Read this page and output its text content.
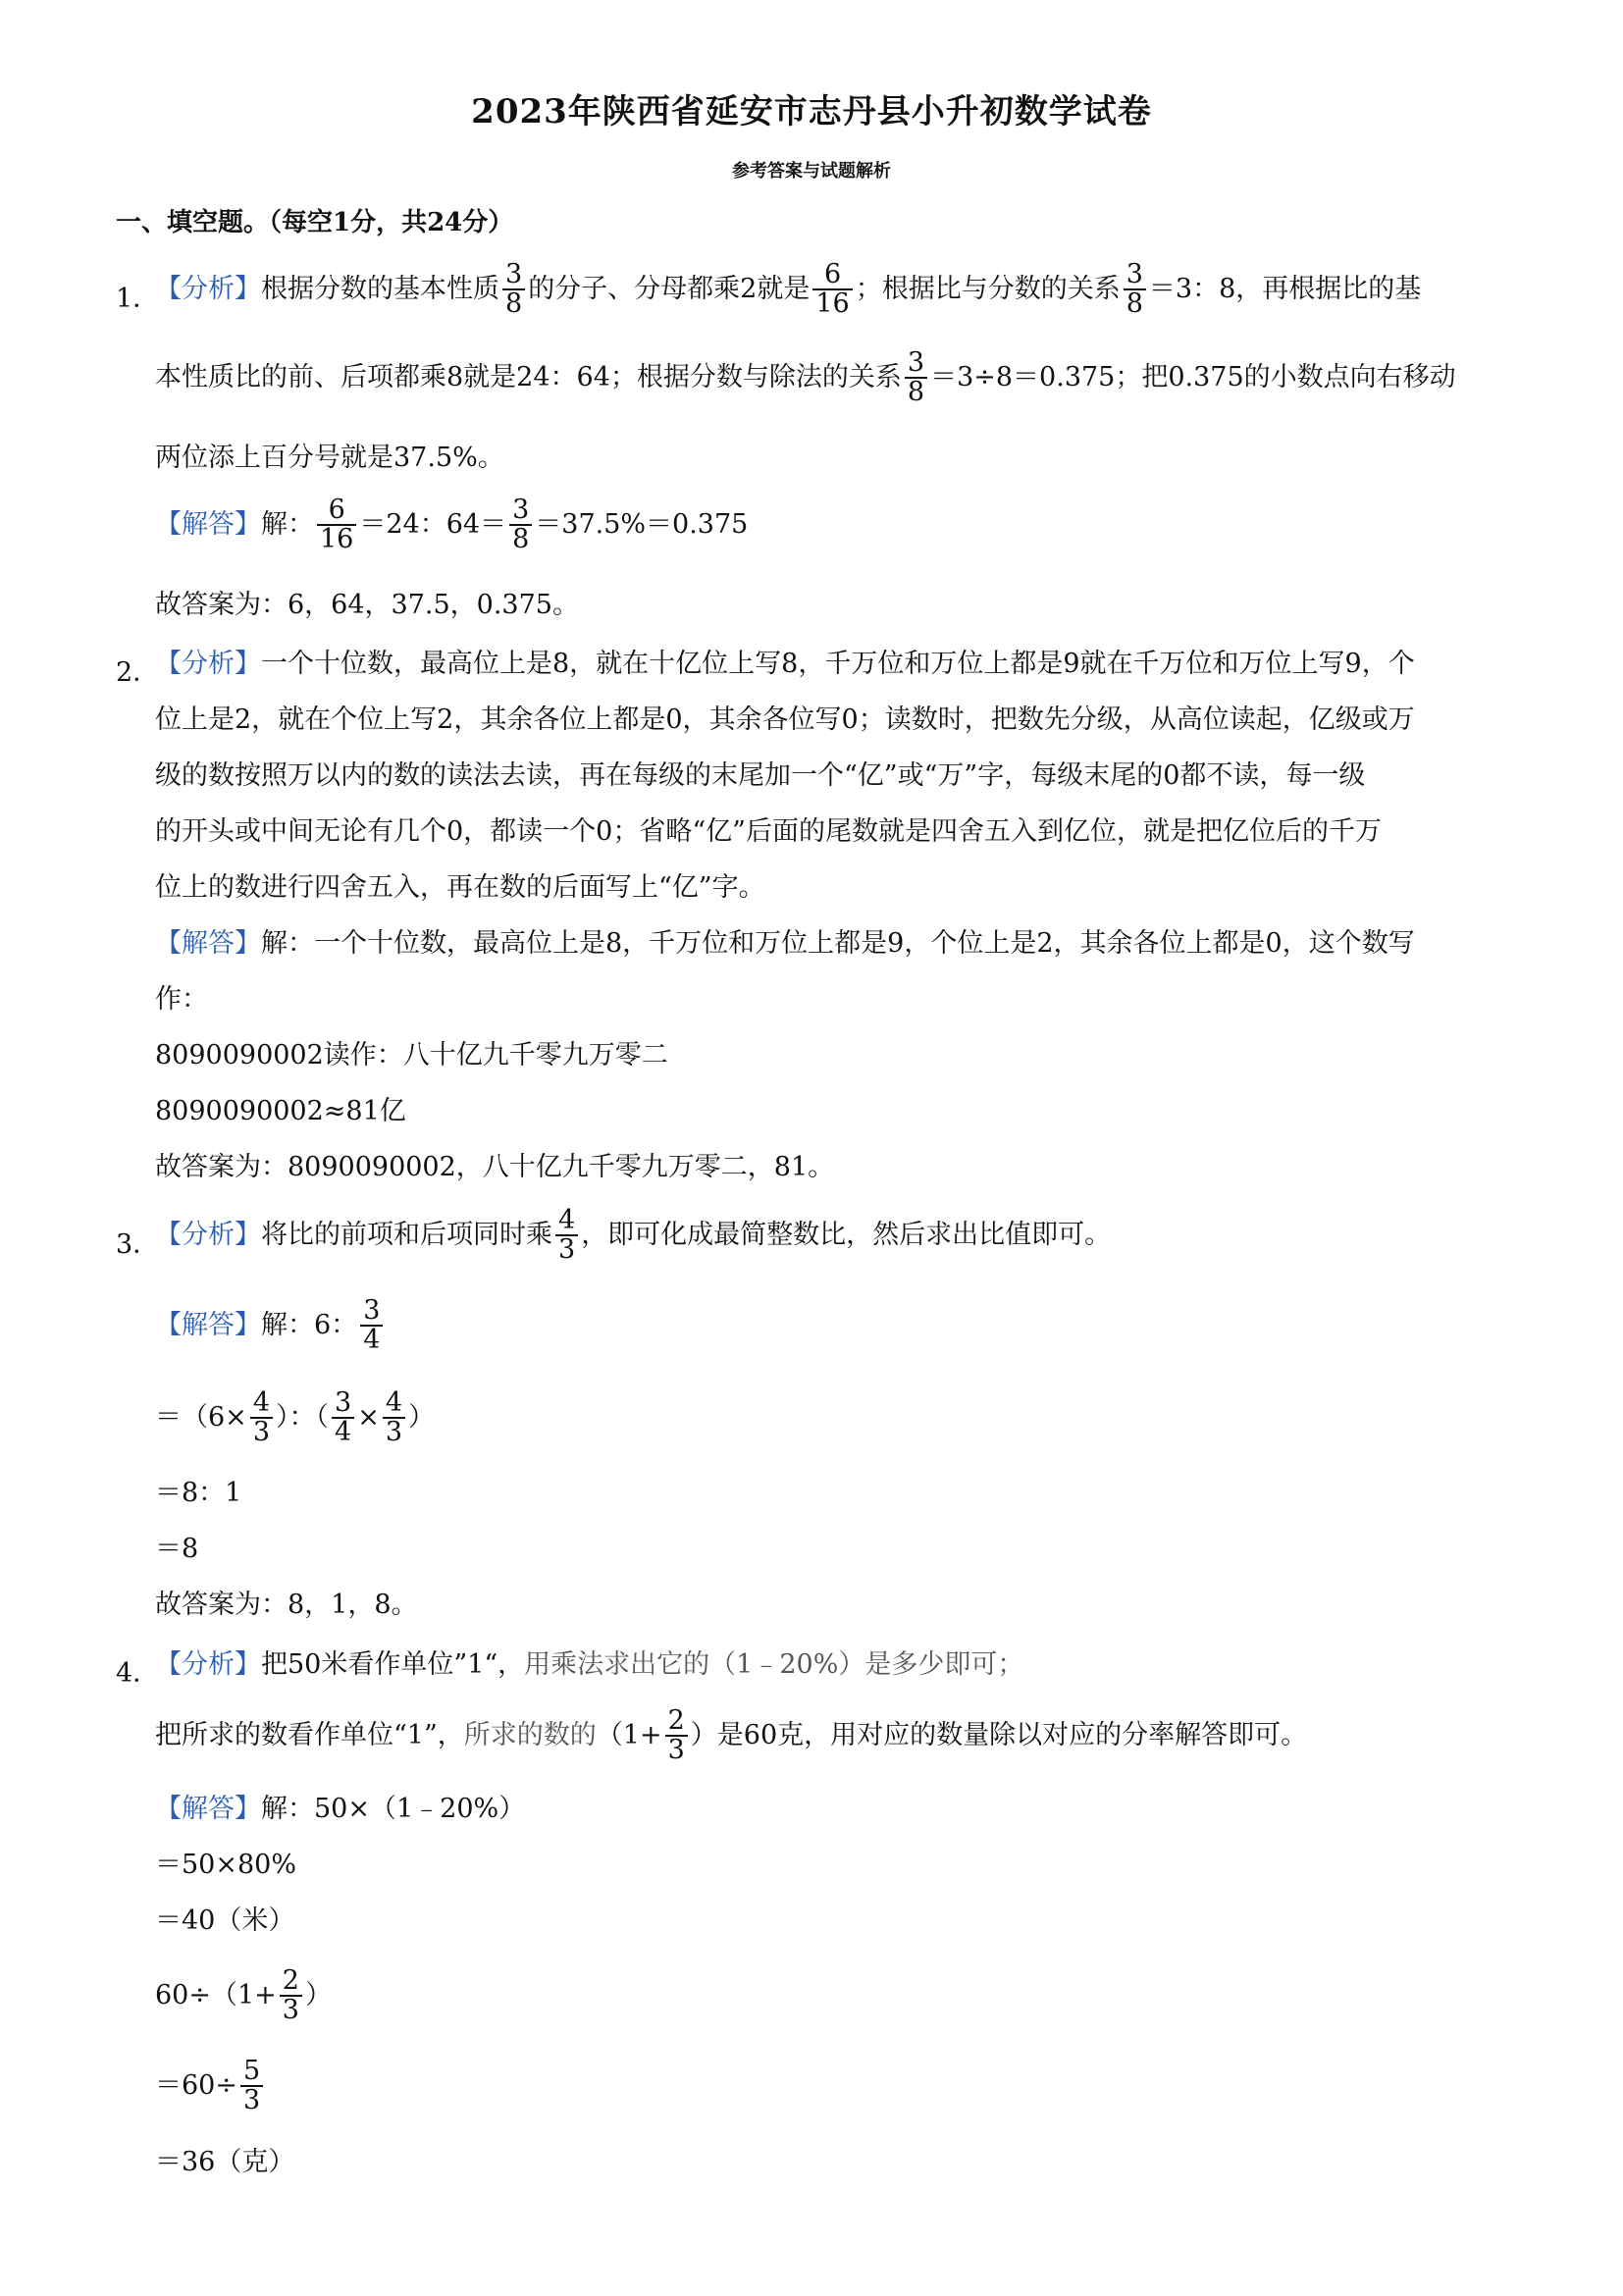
2023年陕西省延安市志丹县小升初数学试卷
参考答案与试题解析
一、填空题。（每空1分，共24分）
1．
【分析】根据分数的基本性质 $\frac{3}{8}$ 的分子、分母都乘2就是 $\frac{6}{16}$ ；根据比与分数的关系 $\frac{3}{8} =3$：8，再根据比的基
本性质比的前、后项都乘8就是24：64；根据分数与除法的关系 $\frac{3}{8} =3\div 8=0.375$；把0.375的小数点向右移动
两位添上百分号就是37.5%。
【解答】解： $\frac{6}{16} =24$：$64= \frac{3}{8} =37.5\%=0.375$
故答案为：6，64，37.5，0.375。
2．
【分析】一个十位数，最高位上是8，就在十亿位上写8，千万位和万位上都是9就在千万位和万位上写9，个
位上是2，就在个位上写2，其余各位上都是0，其余各位写0；读数时，把数先分级，从高位读起，亿级或万
级的数按照万以内的数的读法去读，再在每级的末尾加一个“亿”或“万”字，每级末尾的0都不读，每一级
的开头或中间无论有几个0，都读一个0；省略“亿”后面的尾数就是四舍五入到亿位，就是把亿位后的千万
位上的数进行四舍五入，再在数的后面写上“亿”字。
【解答】解：一个十位数，最高位上是8，千万位和万位上都是9，个位上是2，其余各位上都是0，这个数写
作：
8090090002读作：八十亿九千零九万零二
8090090002≈81亿
故答案为：8090090002，八十亿九千零九万零二，81。
3．
【分析】将比的前项和后项同时乘 $\frac{4}{3}$ ，即可化成最简整数比，然后求出比值即可。
【解答】解：6： $\frac{3}{4}$
$=(6\times \frac{4}{3}$ ）：（ $\frac{3}{4} \times \frac{4}{3}$ ）
＝8：1
＝8
故答案为：8，1，8。
4．
【分析】把50米看作单位”1“，用乘法求出它的（1﹣20%）是多少即可；
把所求的数看作单位“1”，所求的数的（$1+ \frac{2}{3}$ ）是60克，用对应的数量除以对应的分率解答即可。
【解答】解：50×（1﹣20%）
＝50×80%
＝40（米）
$60\div(1+ \frac{2}{3}$ ）
$=60\div \frac{5}{3}$
＝36（克）
